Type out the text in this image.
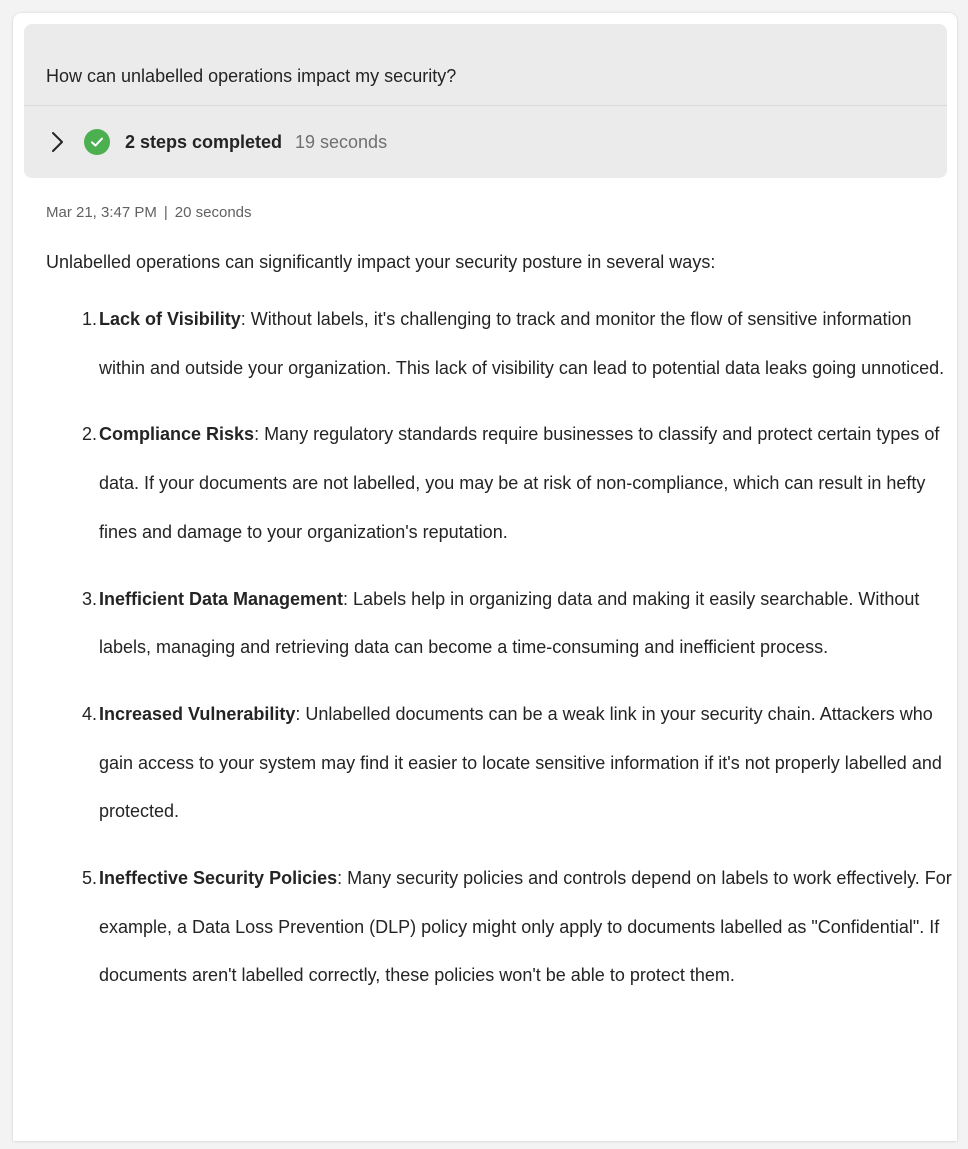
How can unlabelled operations impact my security?
2 steps completed 19 seconds
Mar 21, 3:47 PM | 20 seconds
Unlabelled operations can significantly impact your security posture in several ways:
1. Lack of Visibility: Without labels, it's challenging to track and monitor the flow of sensitive information within and outside your organization. This lack of visibility can lead to potential data leaks going unnoticed.
2. Compliance Risks: Many regulatory standards require businesses to classify and protect certain types of data. If your documents are not labelled, you may be at risk of non-compliance, which can result in hefty fines and damage to your organization's reputation.
3. Inefficient Data Management: Labels help in organizing data and making it easily searchable. Without labels, managing and retrieving data can become a time-consuming and inefficient process.
4. Increased Vulnerability: Unlabelled documents can be a weak link in your security chain. Attackers who gain access to your system may find it easier to locate sensitive information if it's not properly labelled and protected.
5. Ineffective Security Policies: Many security policies and controls depend on labels to work effectively. For example, a Data Loss Prevention (DLP) policy might only apply to documents labelled as "Confidential". If documents aren't labelled correctly, these policies won't be able to protect them.
